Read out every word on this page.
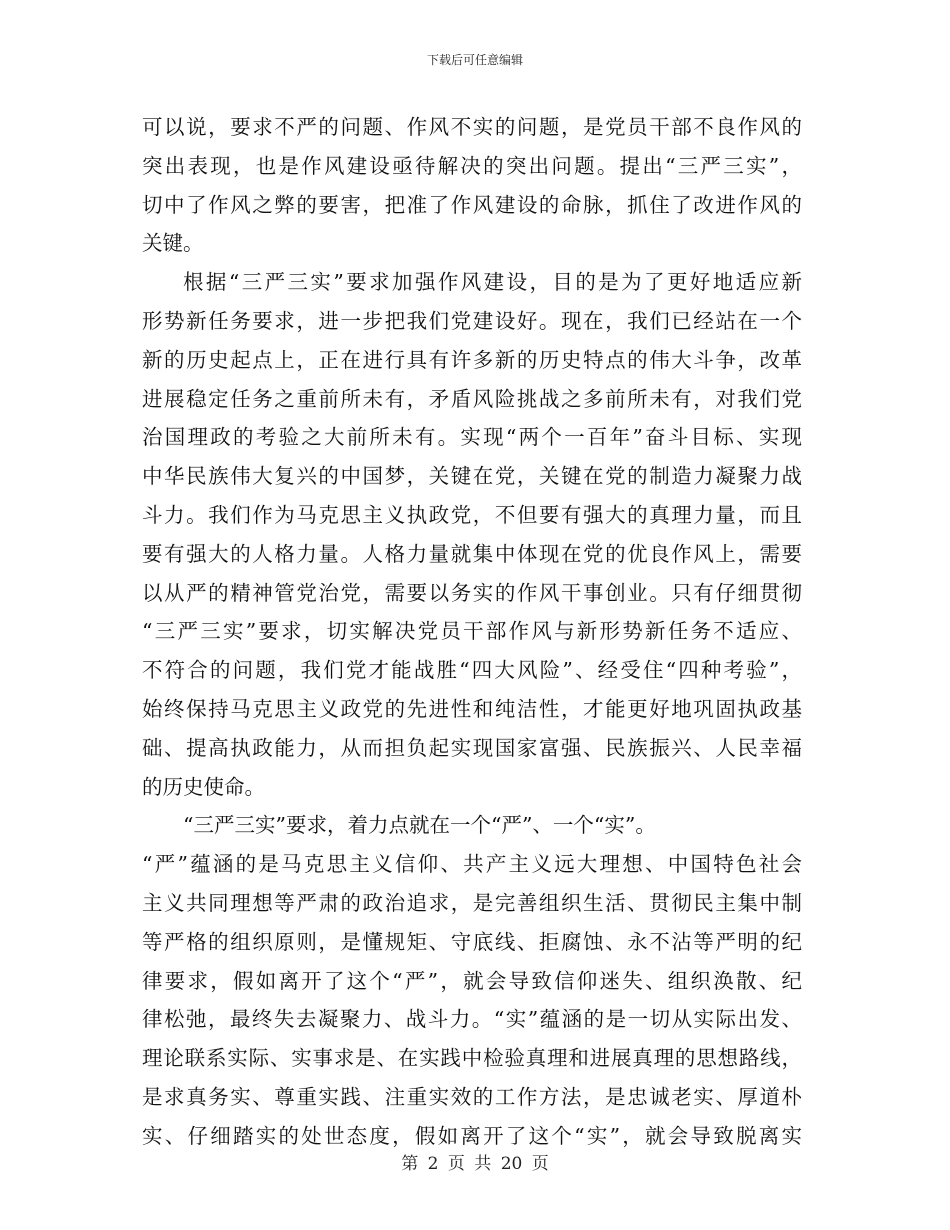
下载后可任意编辑
可以说，要求不严的问题、作风不实的问题，是党员干部不良作风的
突出表现，也是作风建设亟待解决的突出问题。提出“三严三实”，
切中了作风之弊的要害，把准了作风建设的命脉，抓住了改进作风的
关键。
根据“三严三实”要求加强作风建设，目的是为了更好地适应新
形势新任务要求，进一步把我们党建设好。现在，我们已经站在一个
新的历史起点上，正在进行具有许多新的历史特点的伟大斗争，改革
进展稳定任务之重前所未有，矛盾风险挑战之多前所未有，对我们党
治国理政的考验之大前所未有。实现“两个一百年”奋斗目标、实现
中华民族伟大复兴的中国梦，关键在党，关键在党的制造力凝聚力战
斗力。我们作为马克思主义执政党，不但要有强大的真理力量，而且
要有强大的人格力量。人格力量就集中体现在党的优良作风上，需要
以从严的精神管党治党，需要以务实的作风干事创业。只有仔细贯彻
“三严三实”要求，切实解决党员干部作风与新形势新任务不适应、
不符合的问题，我们党才能战胜“四大风险”、经受住“四种考验”，
始终保持马克思主义政党的先进性和纯洁性，才能更好地巩固执政基
础、提高执政能力，从而担负起实现国家富强、民族振兴、人民幸福
的历史使命。
“三严三实”要求，着力点就在一个“严”、一个“实”。
“严”蕴涵的是马克思主义信仰、共产主义远大理想、中国特色社会
主义共同理想等严肃的政治追求，是完善组织生活、贯彻民主集中制
等严格的组织原则，是懂规矩、守底线、拒腐蚀、永不沾等严明的纪
律要求，假如离开了这个“严”，就会导致信仰迷失、组织涣散、纪
律松弛，最终失去凝聚力、战斗力。“实”蕴涵的是一切从实际出发、
理论联系实际、实事求是、在实践中检验真理和进展真理的思想路线，
是求真务实、尊重实践、注重实效的工作方法，是忠诚老实、厚道朴
实、仔细踏实的处世态度，假如离开了这个“实”，就会导致脱离实
第 2 页 共 20 页
